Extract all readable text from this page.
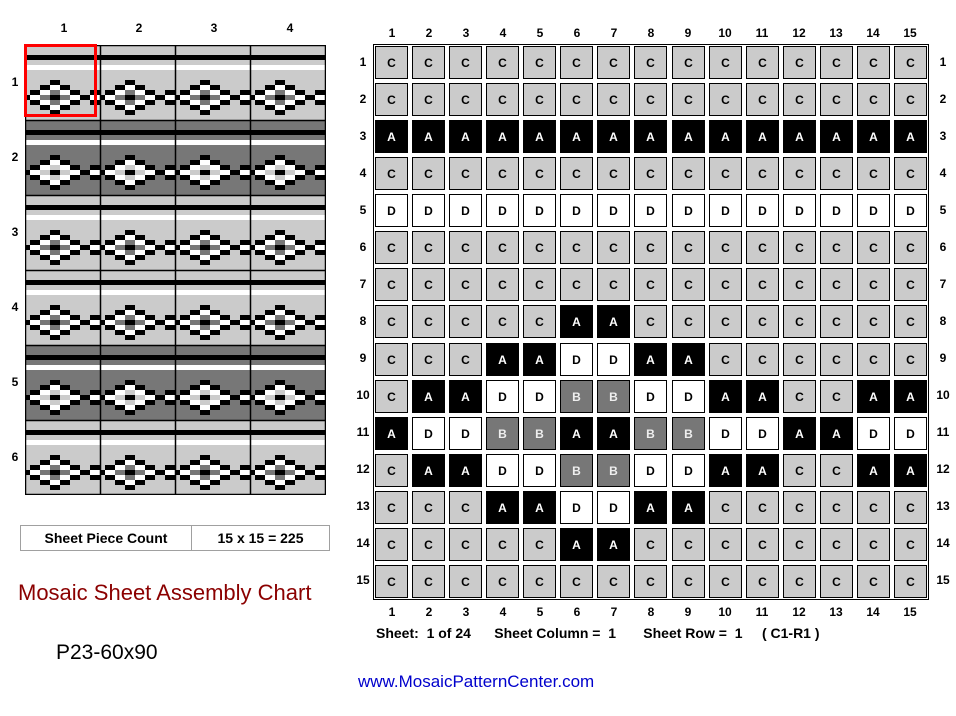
1	2	3	4
1
2
3
4
5
6
Sheet Piece Count	15 x 15 = 225
Mosaic Sheet Assembly Chart
P23-60x90
1
1
2
2
3
3
4
4
5
5
6
6
7
7
8
8
9
9
10
10
11
11
12
12
13
13
14
14
15
15
1	1
2	2
3	3
4	4
5	5
6	6
7	7
8	8
9	9
10	10
11	11
12	12
13	13
14	14
15	15
C	C	C	C	C	C	C	C	C	C	C	C	C	C	C
C	C	C	C	C	C	C	C	C	C	C	C	C	C	C
A	A	A	A	A	A	A	A	A	A	A	A	A	A	A
C	C	C	C	C	C	C	C	C	C	C	C	C	C	C
D	D	D	D	D	D	D	D	D	D	D	D	D	D	D
C	C	C	C	C	C	C	C	C	C	C	C	C	C	C
C	C	C	C	C	C	C	C	C	C	C	C	C	C	C
C	C	C	C	C	A	A	C	C	C	C	C	C	C	C
C	C	C	A	A	D	D	A	A	C	C	C	C	C	C
C	A	A	D	D	B	B	D	D	A	A	C	C	A	A
A	D	D	B	B	A	A	B	B	D	D	A	A	D	D
C	A	A	D	D	B	B	D	D	A	A	C	C	A	A
C	C	C	A	A	D	D	A	A	C	C	C	C	C	C
C	C	C	C	C	A	A	C	C	C	C	C	C	C	C
C	C	C	C	C	C	C	C	C	C	C	C	C	C	C
Sheet: 1 of 24 Sheet Column = 1 Sheet Row = 1 ( C1-R1 )
www.MosaicPatternCenter.com
